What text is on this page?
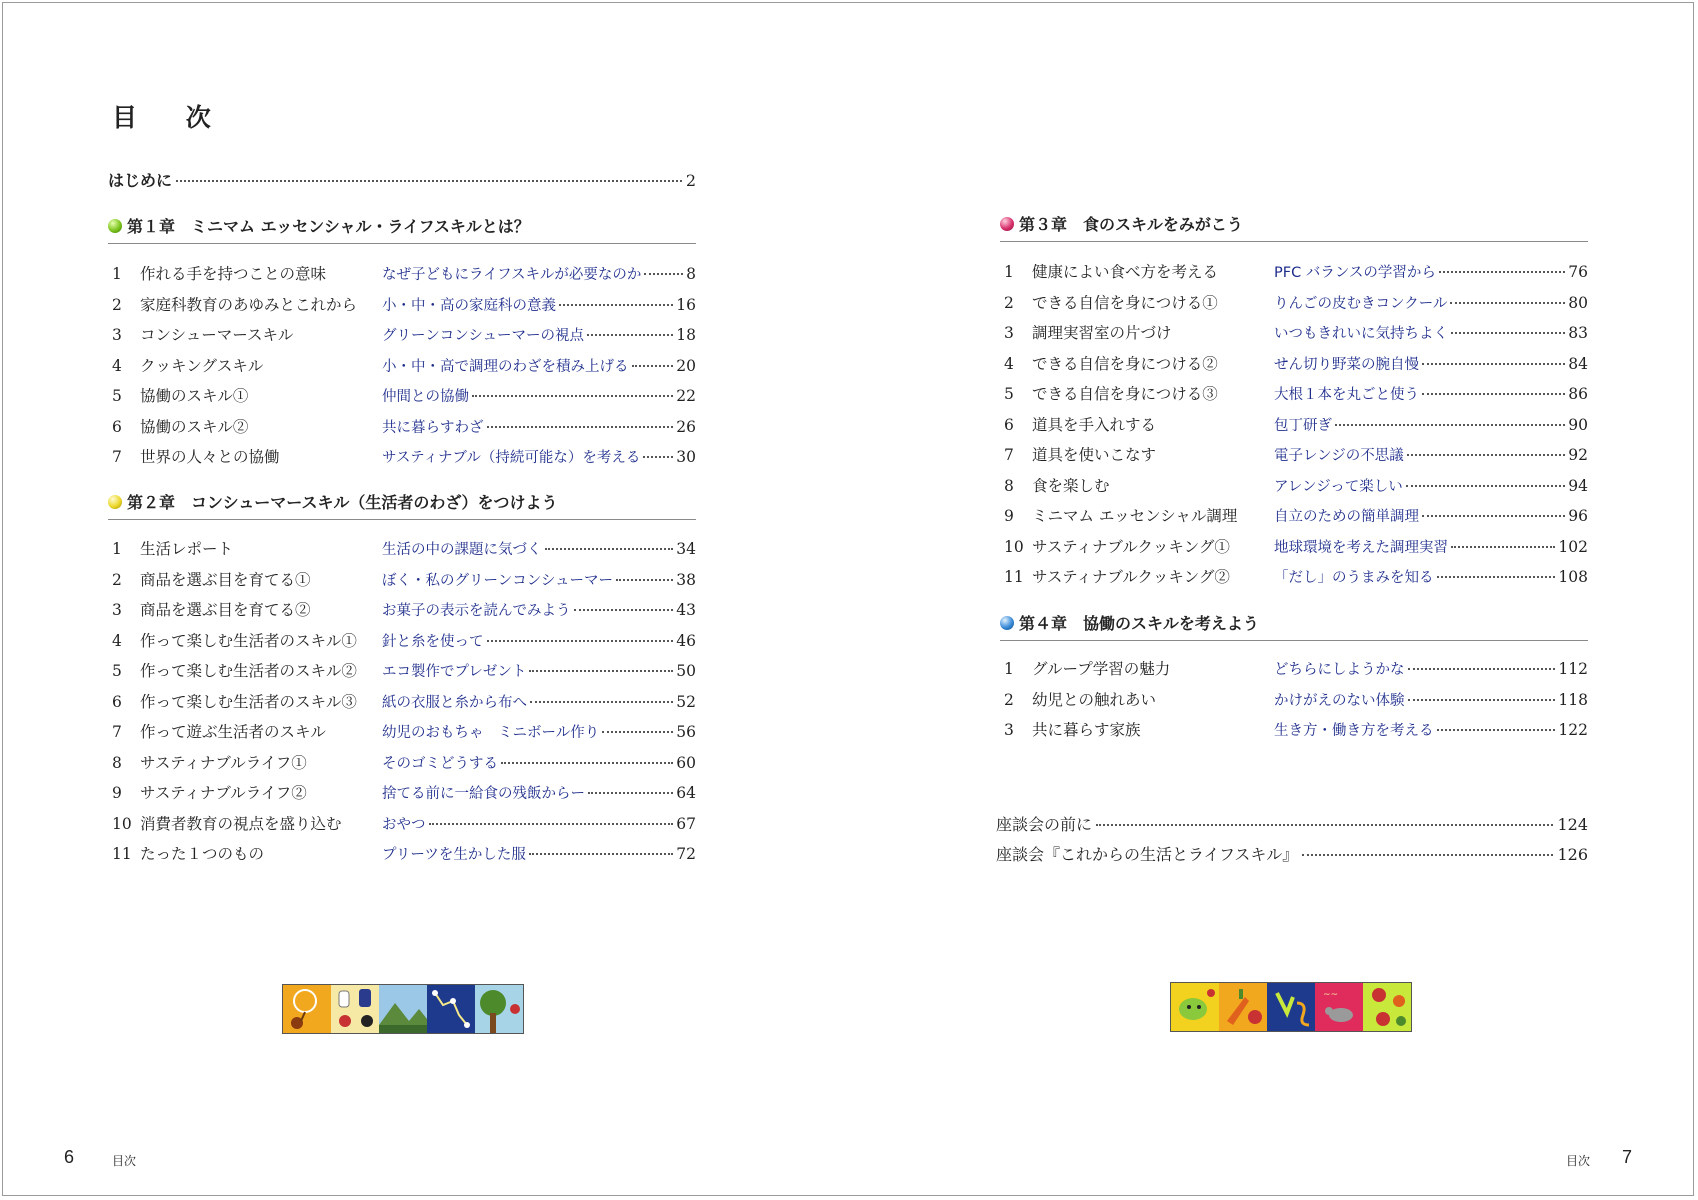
目 次
はじめに	2
第１章　ミニマム エッセンシャル・ライフスキルとは？
1	作れる手を持つことの意味	なぜ子どもにライフスキルが必要なのか	8
2	家庭科教育のあゆみとこれから	小・中・高の家庭科の意義	16
3	コンシューマースキル	グリーンコンシューマーの視点	18
4	クッキングスキル	小・中・高で調理のわざを積み上げる	20
5	協働のスキル①	仲間との協働	22
6	協働のスキル②	共に暮らすわざ	26
7	世界の人々との協働	サスティナブル（持続可能な）を考える 30
第２章　コンシューマースキル（生活者のわざ）をつけよう
1	生活レポート	生活の中の課題に気づく	34
2	商品を選ぶ目を育てる①	ぼく・私のグリーンコンシューマー	38
3	商品を選ぶ目を育てる②	お菓子の表示を読んでみよう	43
4	作って楽しむ生活者のスキル①	針と糸を使って	46
5	作って楽しむ生活者のスキル②	エコ製作でプレゼント	50
6	作って楽しむ生活者のスキル③	紙の衣服と糸から布へ	52
7	作って遊ぶ生活者のスキル	幼児のおもちゃ　ミニボール作り	56
8	サスティナブルライフ①	そのゴミどうする	60
9	サスティナブルライフ②	捨てる前に一給食の残飯からー	64
10 消費者教育の視点を盛り込む	おやつ	67
11 たった１つのもの	プリーツを生かした服	72
6	目次
第３章　食のスキルをみがこう
1	健康によい食べ方を考える	PFC バランスの学習から	76
2	できる自信を身につける①	りんごの皮むきコンクール	80
3	調理実習室の片づけ	いつもきれいに気持ちよく	83
4	できる自信を身につける②	せん切り野菜の腕自慢	84
5	できる自信を身につける③	大根１本を丸ごと使う	86
6	道具を手入れする	包丁研ぎ	90
7	道具を使いこなす	電子レンジの不思議	92
8	食を楽しむ	アレンジって楽しい	94
9	ミニマム エッセンシャル調理	自立のための簡単調理	96
10 サスティナブルクッキング①	地球環境を考えた調理実習	102
11 サスティナブルクッキング②	「だし」のうまみを知る	108
第４章　協働のスキルを考えよう
1	グループ学習の魅力	どちらにしようかな	112
2	幼児との触れあい	かけがえのない体験	118
3	共に暮らす家族	生き方・働き方を考える	122
座談会の前に	124
座談会『これからの生活とライフスキル』	126
~~
目次 7
